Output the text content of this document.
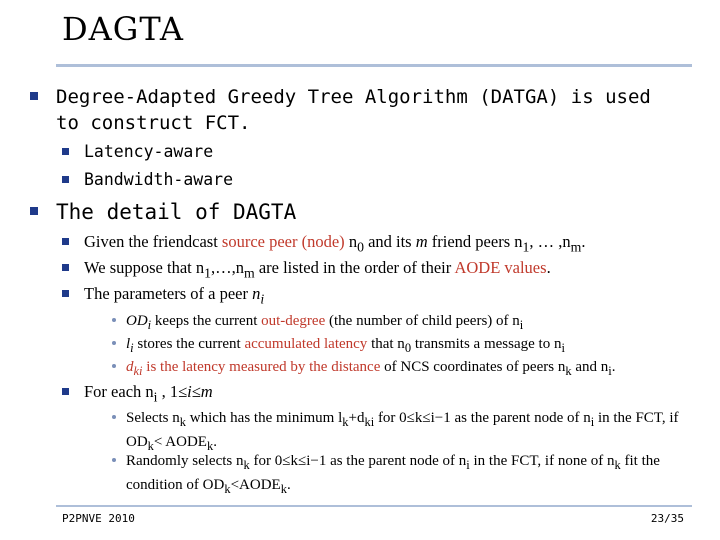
DAGTA
Degree-Adapted Greedy Tree Algorithm (DATGA) is used to construct FCT.
Latency-aware
Bandwidth-aware
The detail of DAGTA
Given the friendcast source peer (node) $n_0$ and its m friend peers $n_1$, … $,n_m$.
We suppose that $n_1,\dots,n_m$ are listed in the order of their AODE values.
The parameters of a peer $n_i$
$OD_i$ keeps the current out-degree (the number of child peers) of $n_i$
$l_i$ stores the current accumulated latency that $n_0$ transmits a message to $n_i$
$d_{ki}$ is the latency measured by the distance of NCS coordinates of peers $n_k$ and $n_i$.
For each $n_i$ , 1≤i≤m
Selects $n_k$ which has the minimum $l_k+d_{ki}$ for 0≤k≤i−1 as the parent node of $n_i$ in the FCT, if $OD_k<$ $AODE_k$.
Randomly selects $n_k$ for 0≤k≤i−1 as the parent node of $n_i$ in the FCT, if none of $n_k$ fit the condition of $OD_k<AODE_k$.
P2PNVE 2010	23/35
